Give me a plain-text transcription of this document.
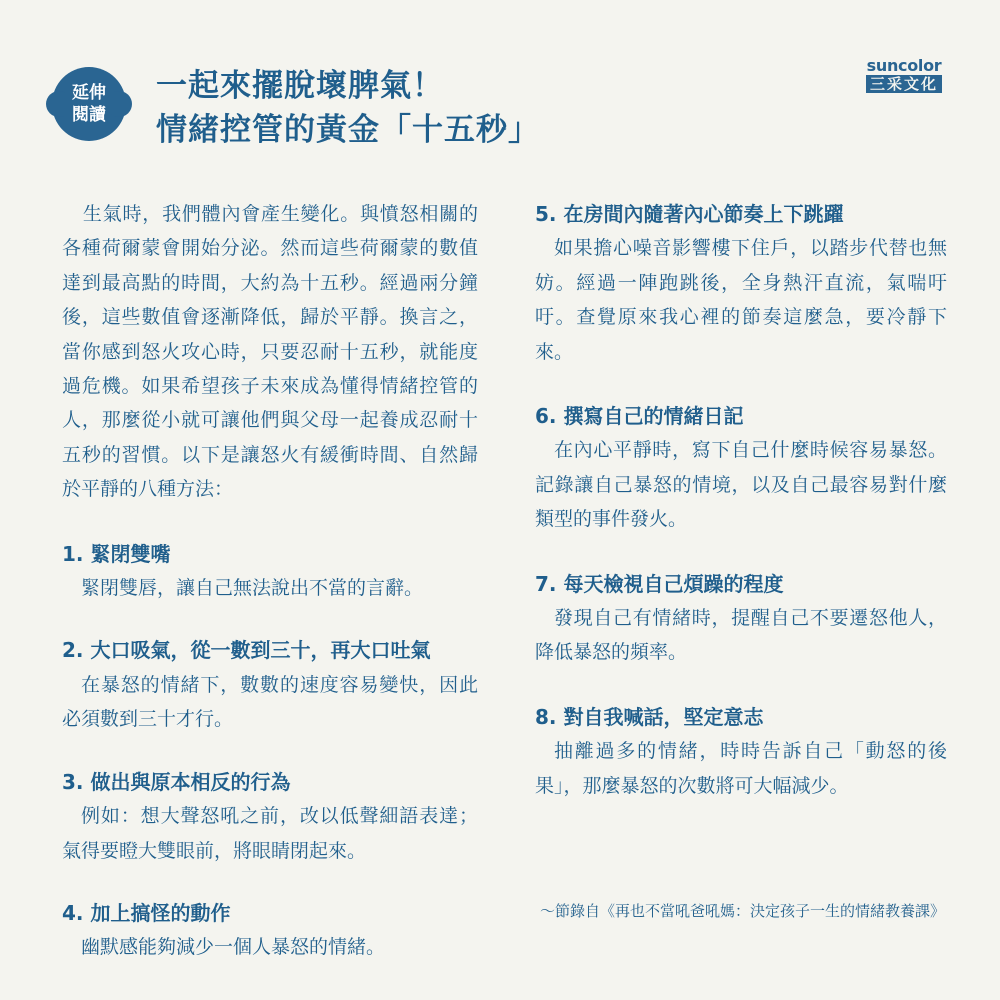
延伸
閱讀
一起來擺脫壞脾氣！
情緒控管的黃金「十五秒」
suncolor
三采文化

生氣時，我們體內會產生變化。與憤怒相關的各種荷爾蒙會開始分泌。然而這些荷爾蒙的數值達到最高點的時間，大約為十五秒。經過兩分鐘後，這些數值會逐漸降低，歸於平靜。換言之，當你感到怒火攻心時，只要忍耐十五秒，就能度過危機。如果希望孩子未來成為懂得情緒控管的人，那麼從小就可讓他們與父母一起養成忍耐十五秒的習慣。以下是讓怒火有緩衝時間、自然歸於平靜的八種方法：

1. 緊閉雙嘴

緊閉雙唇，讓自己無法說出不當的言辭。

2. 大口吸氣，從一數到三十，再大口吐氣

在暴怒的情緒下，數數的速度容易變快，因此必須數到三十才行。

3. 做出與原本相反的行為

例如：想大聲怒吼之前，改以低聲細語表達；氣得要瞪大雙眼前，將眼睛閉起來。

4. 加上搞怪的動作

幽默感能夠減少一個人暴怒的情緒。

5. 在房間內隨著內心節奏上下跳躍

如果擔心噪音影響樓下住戶，以踏步代替也無妨。經過一陣跑跳後，全身熱汗直流，氣喘吁吁。查覺原來我心裡的節奏這麼急，要冷靜下來。

6. 撰寫自己的情緒日記

在內心平靜時，寫下自己什麼時候容易暴怒。記錄讓自己暴怒的情境，以及自己最容易對什麼類型的事件發火。

7. 每天檢視自己煩躁的程度

發現自己有情緒時，提醒自己不要遷怒他人，降低暴怒的頻率。

8. 對自我喊話，堅定意志

抽離過多的情緒，時時告訴自己「動怒的後果」，那麼暴怒的次數將可大幅減少。

～節錄自《再也不當吼爸吼媽：決定孩子一生的情緒教養課》
